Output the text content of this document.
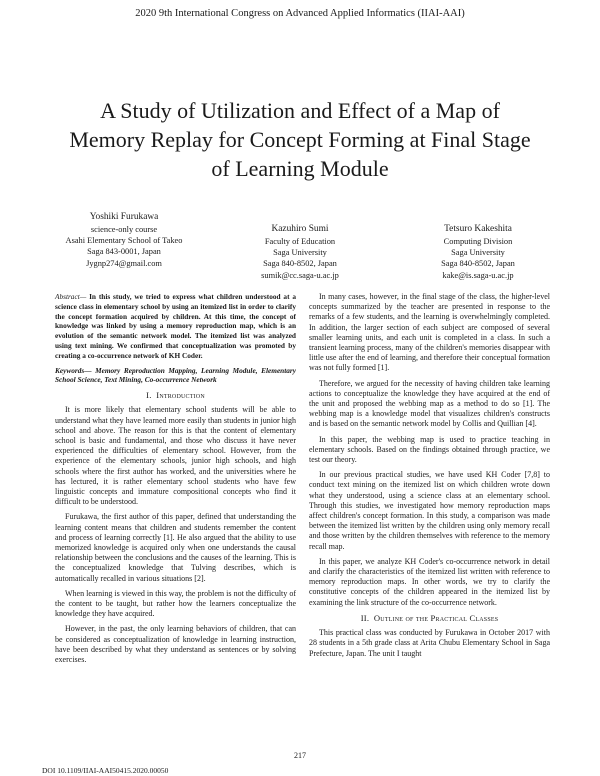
2020 9th International Congress on Advanced Applied Informatics (IIAI-AAI)
A Study of Utilization and Effect of a Map of Memory Replay for Concept Forming at Final Stage of Learning Module
Yoshiki Furukawa
science-only course
Asahi Elementary School of Takeo
Saga 843-0001, Japan
Jygnp274@gmail.com
Kazuhiro Sumi
Faculty of Education
Saga University
Saga 840-8502, Japan
sumik@cc.saga-u.ac.jp
Tetsuro Kakeshita
Computing Division
Saga University
Saga 840-8502, Japan
kake@is.saga-u.ac.jp

Abstract— In this study, we tried to express what children understood at a science class in elementary school by using an itemized list in order to clarify the concept formation acquired by children. At this time, the concept of knowledge was linked by using a memory reproduction map, which is an evolution of the semantic network model. The itemized list was analyzed using text mining. We confirmed that conceptualization was promoted by creating a co-occurrence network of KH Coder.

Keywords— Memory Reproduction Mapping, Learning Module, Elementary School Science, Text Mining, Co-occurrence Network

I. Introduction

It is more likely that elementary school students will be able to understand what they have learned more easily than students in junior high school and above. The reason for this is that the content of elementary school is basic and fundamental, and those who discuss it have never experienced the difficulties of elementary school. However, from the experience of the elementary schools, junior high schools, and high schools where the first author has worked, and the universities where he has lectured, it is rather elementary school students who have few linguistic concepts and immature compositional concepts who find it difficult to be understood.

Furukawa, the first author of this paper, defined that understanding the learning content means that children and students remember the content and process of learning correctly [1]. He also argued that the ability to use memorized knowledge is acquired only when one understands the causal relationship between the conclusions and the causes of the learning. This is the conceptualized knowledge that Tulving describes, which is automatically recalled in various situations [2].

When learning is viewed in this way, the problem is not the difficulty of the content to be taught, but rather how the learners conceptualize the knowledge they have acquired.

However, in the past, the only learning behaviors of children, that can be considered as conceptualization of knowledge in learning instruction, have been described by what they understand as sentences or by solving exercises.

In many cases, however, in the final stage of the class, the higher-level concepts summarized by the teacher are presented in response to the remarks of a few students, and the learning is overwhelmingly completed. In addition, the larger section of each subject are composed of several smaller learning units, and each unit is completed in a class. In such a transient learning process, many of the children's memories disappear with little use after the end of learning, and therefore their conceptual formation was not fully formed [1].

Therefore, we argued for the necessity of having children take learning actions to conceptualize the knowledge they have acquired at the end of the unit and proposed the webbing map as a method to do so [1]. The webbing map is a knowledge model that visualizes children's constructs and is based on the semantic network model by Collis and Quillian [4].

In this paper, the webbing map is used to practice teaching in elementary schools. Based on the findings obtained through practice, we test our theory.

In our previous practical studies, we have used KH Coder [7,8] to conduct text mining on the itemized list on which children wrote down what they understood, using a science class at an elementary school. Through this studies, we investigated how memory reproduction maps affect children's concept formation. In this study, a comparison was made between the itemized list written by the children using only memory recall and those written by the children themselves with reference to the memory recall map.

In this paper, we analyze KH Coder's co-occurrence network in detail and clarify the characteristics of the itemized list written with reference to memory reproduction maps. In other words, we try to clarify the constitutive concepts of the children appeared in the itemized list by examining the link structure of the co-occurrence network.

II. Outline of the Practical Classes

This practical class was conducted by Furukawa in October 2017 with 28 students in a 5th grade class at Arita Chubu Elementary School in Saga Prefecture, Japan. The unit I taught

217
DOI 10.1109/IIAI-AAI50415.2020.00050
